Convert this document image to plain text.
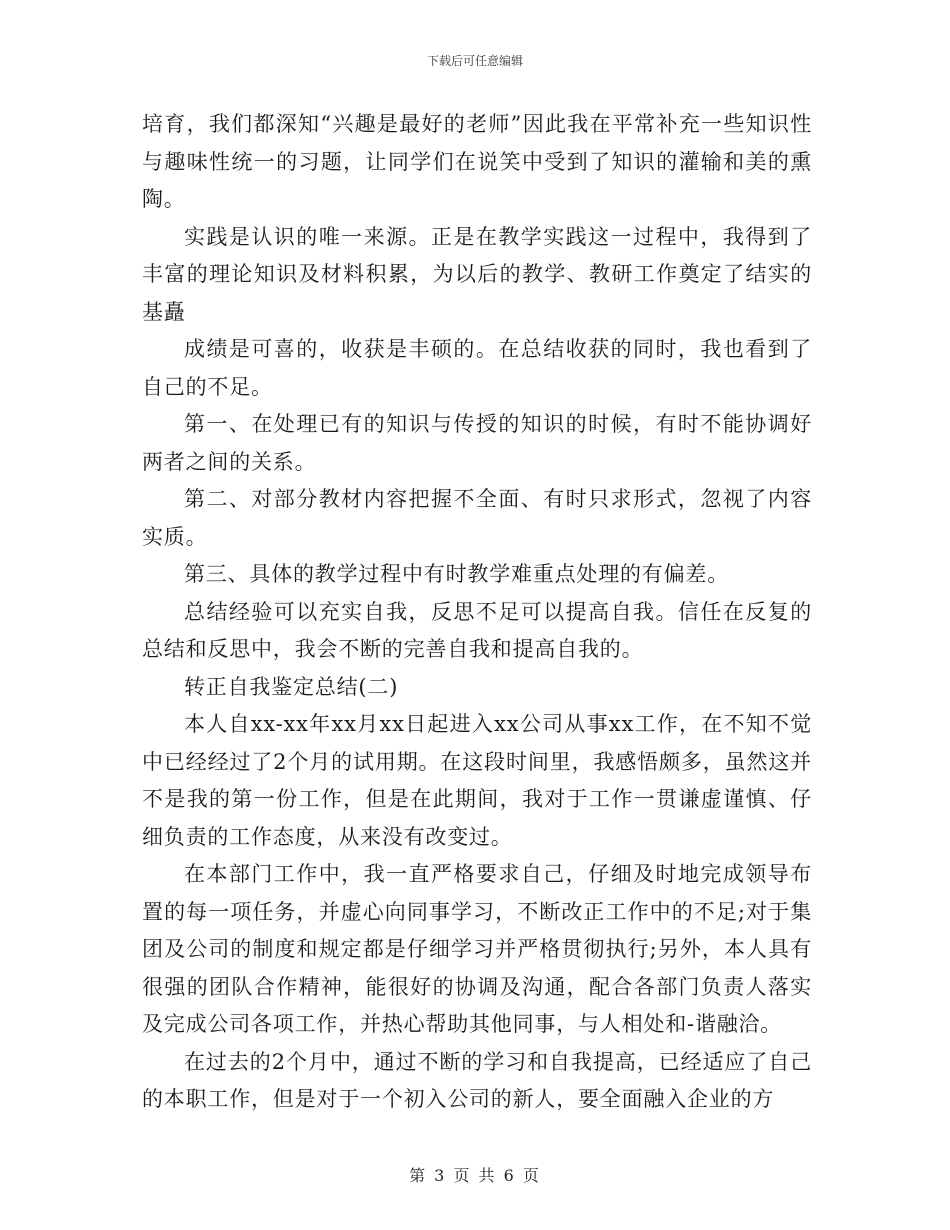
下载后可任意编辑

培育，我们都深知“兴趣是最好的老师”因此我在平常补充一些知识性与趣味性统一的习题，让同学们在说笑中受到了知识的灌输和美的熏陶。

实践是认识的唯一来源。正是在教学实践这一过程中，我得到了丰富的理论知识及材料积累，为以后的教学、教研工作奠定了结实的基矗

成绩是可喜的，收获是丰硕的。在总结收获的同时，我也看到了自己的不足。

第一、在处理已有的知识与传授的知识的时候，有时不能协调好两者之间的关系。

第二、对部分教材内容把握不全面、有时只求形式，忽视了内容实质。

第三、具体的教学过程中有时教学难重点处理的有偏差。

总结经验可以充实自我，反思不足可以提高自我。信任在反复的总结和反思中，我会不断的完善自我和提高自我的。

转正自我鉴定总结(二)

本人自xx-xx年xx月xx日起进入xx公司从事xx工作，在不知不觉中已经经过了2个月的试用期。在这段时间里，我感悟颇多，虽然这并不是我的第一份工作，但是在此期间，我对于工作一贯谦虚谨慎、仔细负责的工作态度，从来没有改变过。

在本部门工作中，我一直严格要求自己，仔细及时地完成领导布置的每一项任务，并虚心向同事学习，不断改正工作中的不足;对于集团及公司的制度和规定都是仔细学习并严格贯彻执行;另外，本人具有很强的团队合作精神，能很好的协调及沟通，配合各部门负责人落实及完成公司各项工作，并热心帮助其他同事，与人相处和-谐融洽。

在过去的2个月中，通过不断的学习和自我提高，已经适应了自己的本职工作，但是对于一个初入公司的新人，要全面融入企业的方

第 3 页 共 6 页
